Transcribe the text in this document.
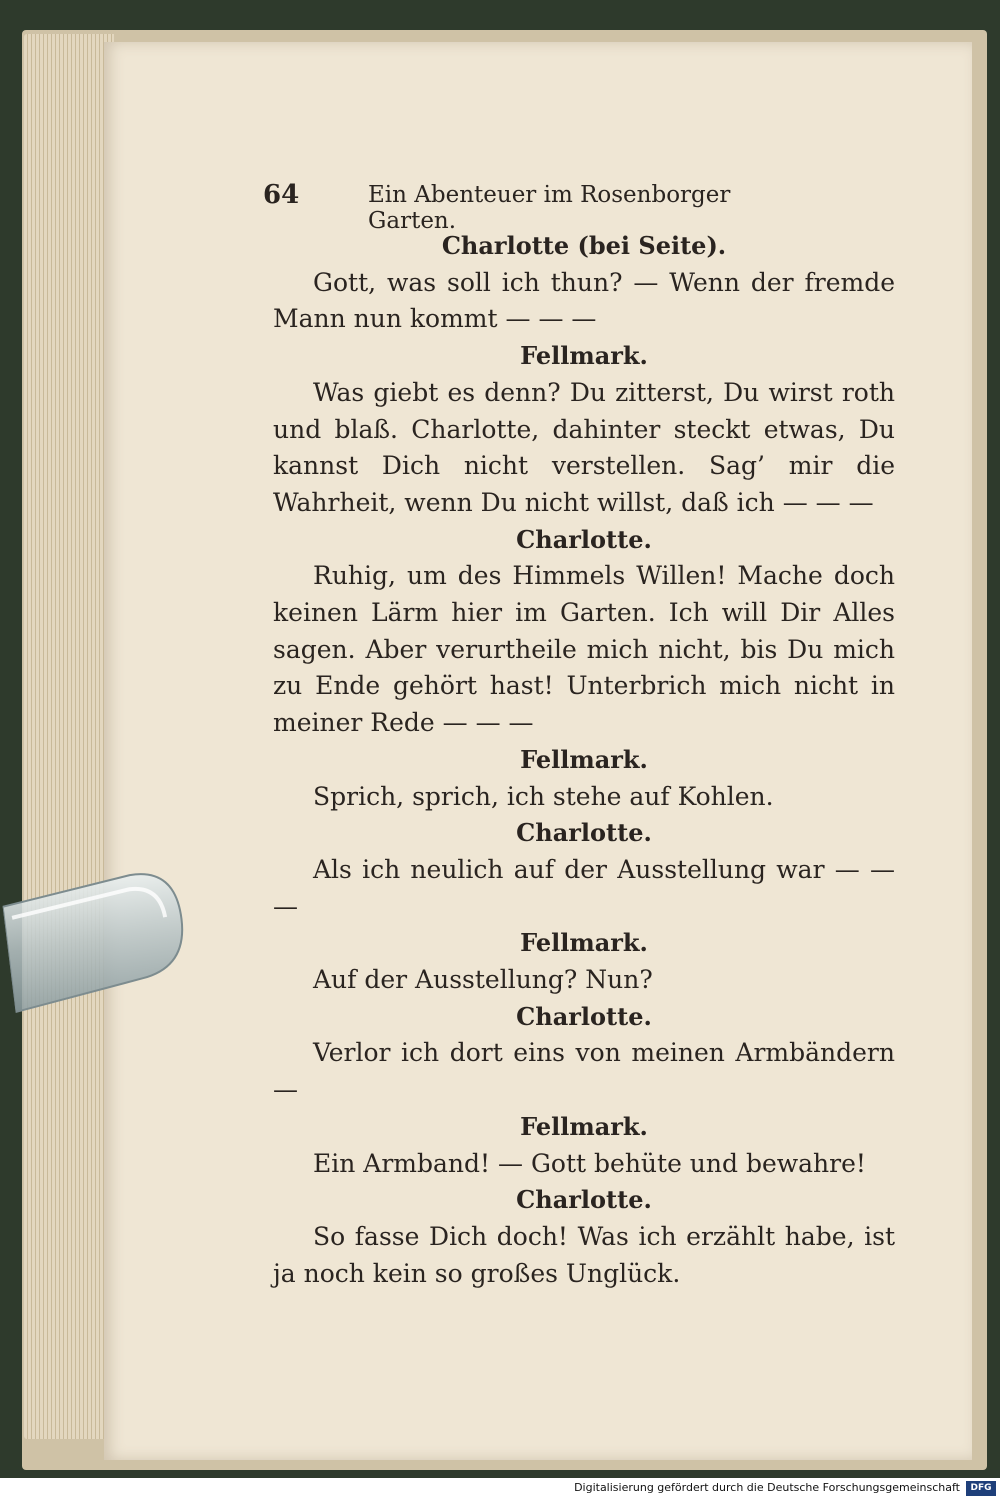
64	Ein Abenteuer im Rosenborger Garten.
Charlotte (bei Seite).

Gott, was soll ich thun? — Wenn der fremde Mann nun kommt — — —

Fellmark.

Was giebt es denn? Du zitterst, Du wirst roth und blaß. Charlotte, dahinter steckt etwas, Du kannst Dich nicht verstellen. Sag’ mir die Wahrheit, wenn Du nicht willst, daß ich — — —

Charlotte.

Ruhig, um des Himmels Willen! Mache doch keinen Lärm hier im Garten. Ich will Dir Alles sagen. Aber verurtheile mich nicht, bis Du mich zu Ende gehört hast! Unterbrich mich nicht in meiner Rede — — —

Fellmark.

Sprich, sprich, ich stehe auf Kohlen.

Charlotte.

Als ich neulich auf der Ausstellung war — — —

Fellmark.

Auf der Ausstellung? Nun?

Charlotte.

Verlor ich dort eins von meinen Armbändern —

Fellmark.

Ein Armband! — Gott behüte und bewahre!

Charlotte.

So fasse Dich doch! Was ich erzählt habe, ist ja noch kein so großes Unglück.

Digitalisierung gefördert durch die Deutsche Forschungsgemeinschaft	DFG
